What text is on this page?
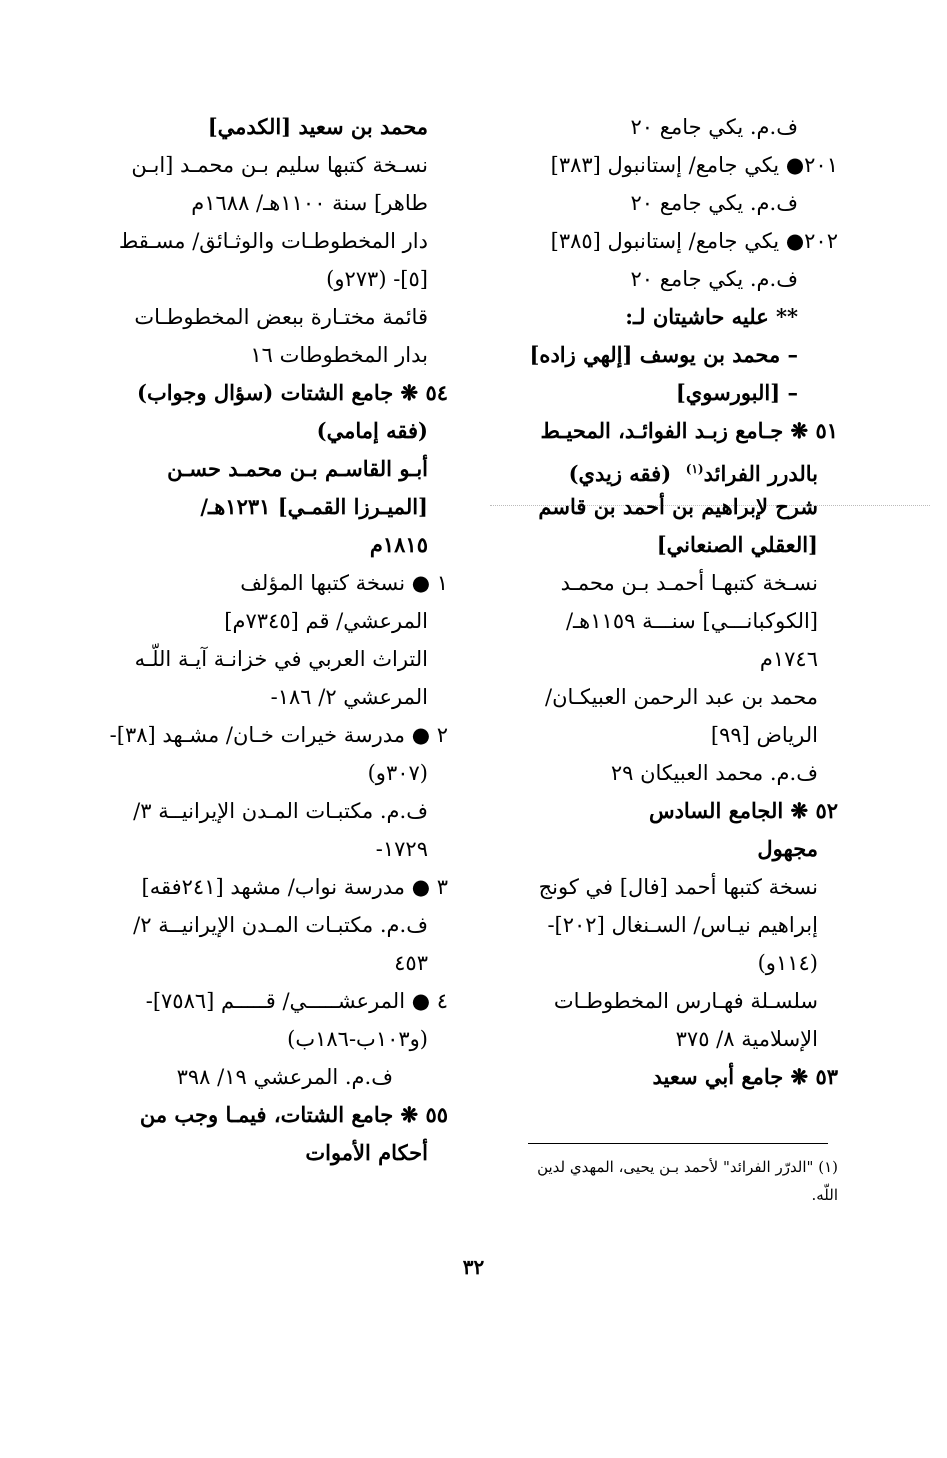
ف.م. يكي جامع ٢٠
٢٠١● يكي جامع/ إستانبول [٣٨٣]
ف.م. يكي جامع ٢٠
٢٠٢● يكي جامع/ إستانبول [٣٨٥]
ف.م. يكي جامع ٢٠
** عليه حاشيتان لـ:
– محمد بن يوسف [إلهي زاده]
– [البورسوي]
٥١ ❋ جـامع زبـد الفوائـد، المحيـط
بالدرر الفرائد$^{(١)}$  (فقه زيدي)
شرح لإبراهيم بن أحمد بن قاسم
[العقلي الصنعاني]
نسـخة كتبهـا أحمـد بـن محمـد
[الكوكبانـــي] سنـــة ١١٥٩هـ/
١٧٤٦م
محمد بن عبد الرحمن العبيكـان/
الرياض [٩٩]
ف.م. محمد العبيكان ٢٩
٥٢ ❋ الجامع السادس
مجهول
نسخة كتبها أحمد [فال] في كونج
إبراهيم نيـاس/ السـنغال [٢٠٢]-
(١١٤و)
سلسـلة فهـارس المخطوطـات
الإسلامية ٨/ ٣٧٥
٥٣ ❋ جامع أبي سعيد
محمد بن سعيد [الكدمي]
نسـخة كتبها سليم بـن محمـد [ابـن
طاهر] سنة ١١٠٠هـ/ ١٦٨٨م
دار المخطوطـات والوثـائق/ مسـقط
[٥]- (٢٧٣و)
قائمة مختـارة ببعض المخطوطـات
بدار المخطوطات ١٦
٥٤ ❋ جامع الشتات (سؤال وجواب)
(فقه إمامي)
أبـو القاسـم بـن محمـد حسـن
[الميـرزا القمـي] ١٢٣١هـ/
١٨١٥م
١ ● نسخة كتبها المؤلف
المرعشي/ قم [٧٣٤٥م]
التراث العربي في خزانـة آيـة اللّـه
المرعشي ٢/ ١٨٦-
٢ ● مدرسة خيرات خـان/ مشـهد [٣٨]-
(٣٠٧و)
ف.م. مكتبـات المـدن الإيرانيــة ٣/
١٧٢٩-
٣ ● مدرسة نواب/ مشهد [٢٤١فقه]
ف.م. مكتبـات المـدن الإيرانيــة ٢/
٤٥٣
٤ ● المرعشـــــي/ قـــــم [٧٥٨٦]-
(و١٠٣ب-١٨٦ب)
ف.م. المرعشي ١٩/ ٣٩٨
٥٥ ❋ جامع الشتات، فيمـا وجب من
أحكام الأموات
(١) "الدرّر الفرائد" لأحمد بـن يحيى، المهدي لدين
اللّه.
٣٢
